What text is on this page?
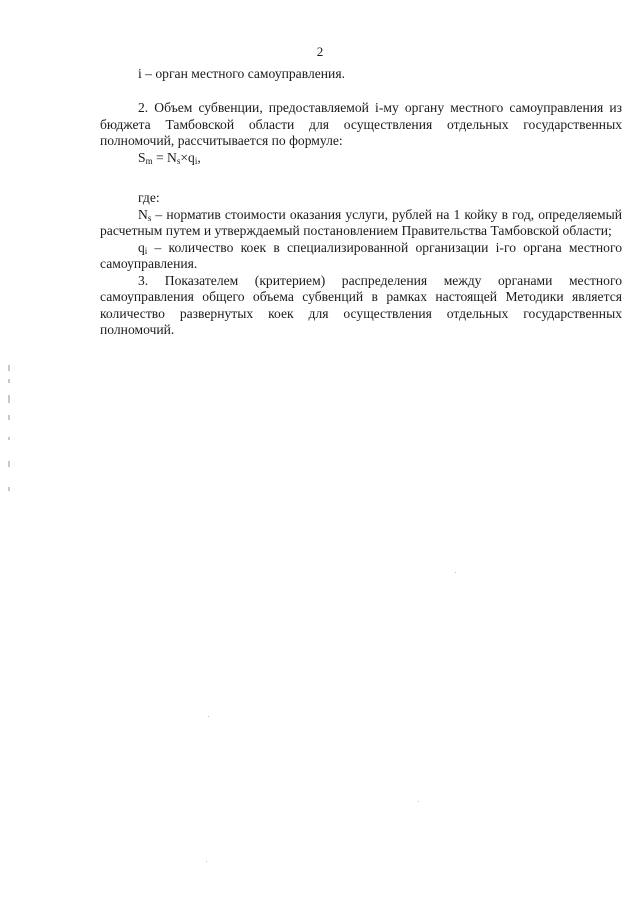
2

i – орган местного самоуправления.

2. Объем субвенции, предоставляемой i-му органу местного самоуправления из бюджета Тамбовской области для осуществления отдельных государственных полномочий, рассчитывается по формуле:

$S_m = N_s\times q_i$,

где:

$N_s$ – норматив стоимости оказания услуги, рублей на 1 койку в год, определяемый расчетным путем и утверждаемый постановлением Правительства Тамбовской области;

$q_i$ – количество коек в специализированной организации i-го органа местного самоуправления.

3. Показателем (критерием) распределения между органами местного самоуправления общего объема субвенций в рамках настоящей Методики является количество развернутых коек для осуществления отдельных государственных полномочий.
